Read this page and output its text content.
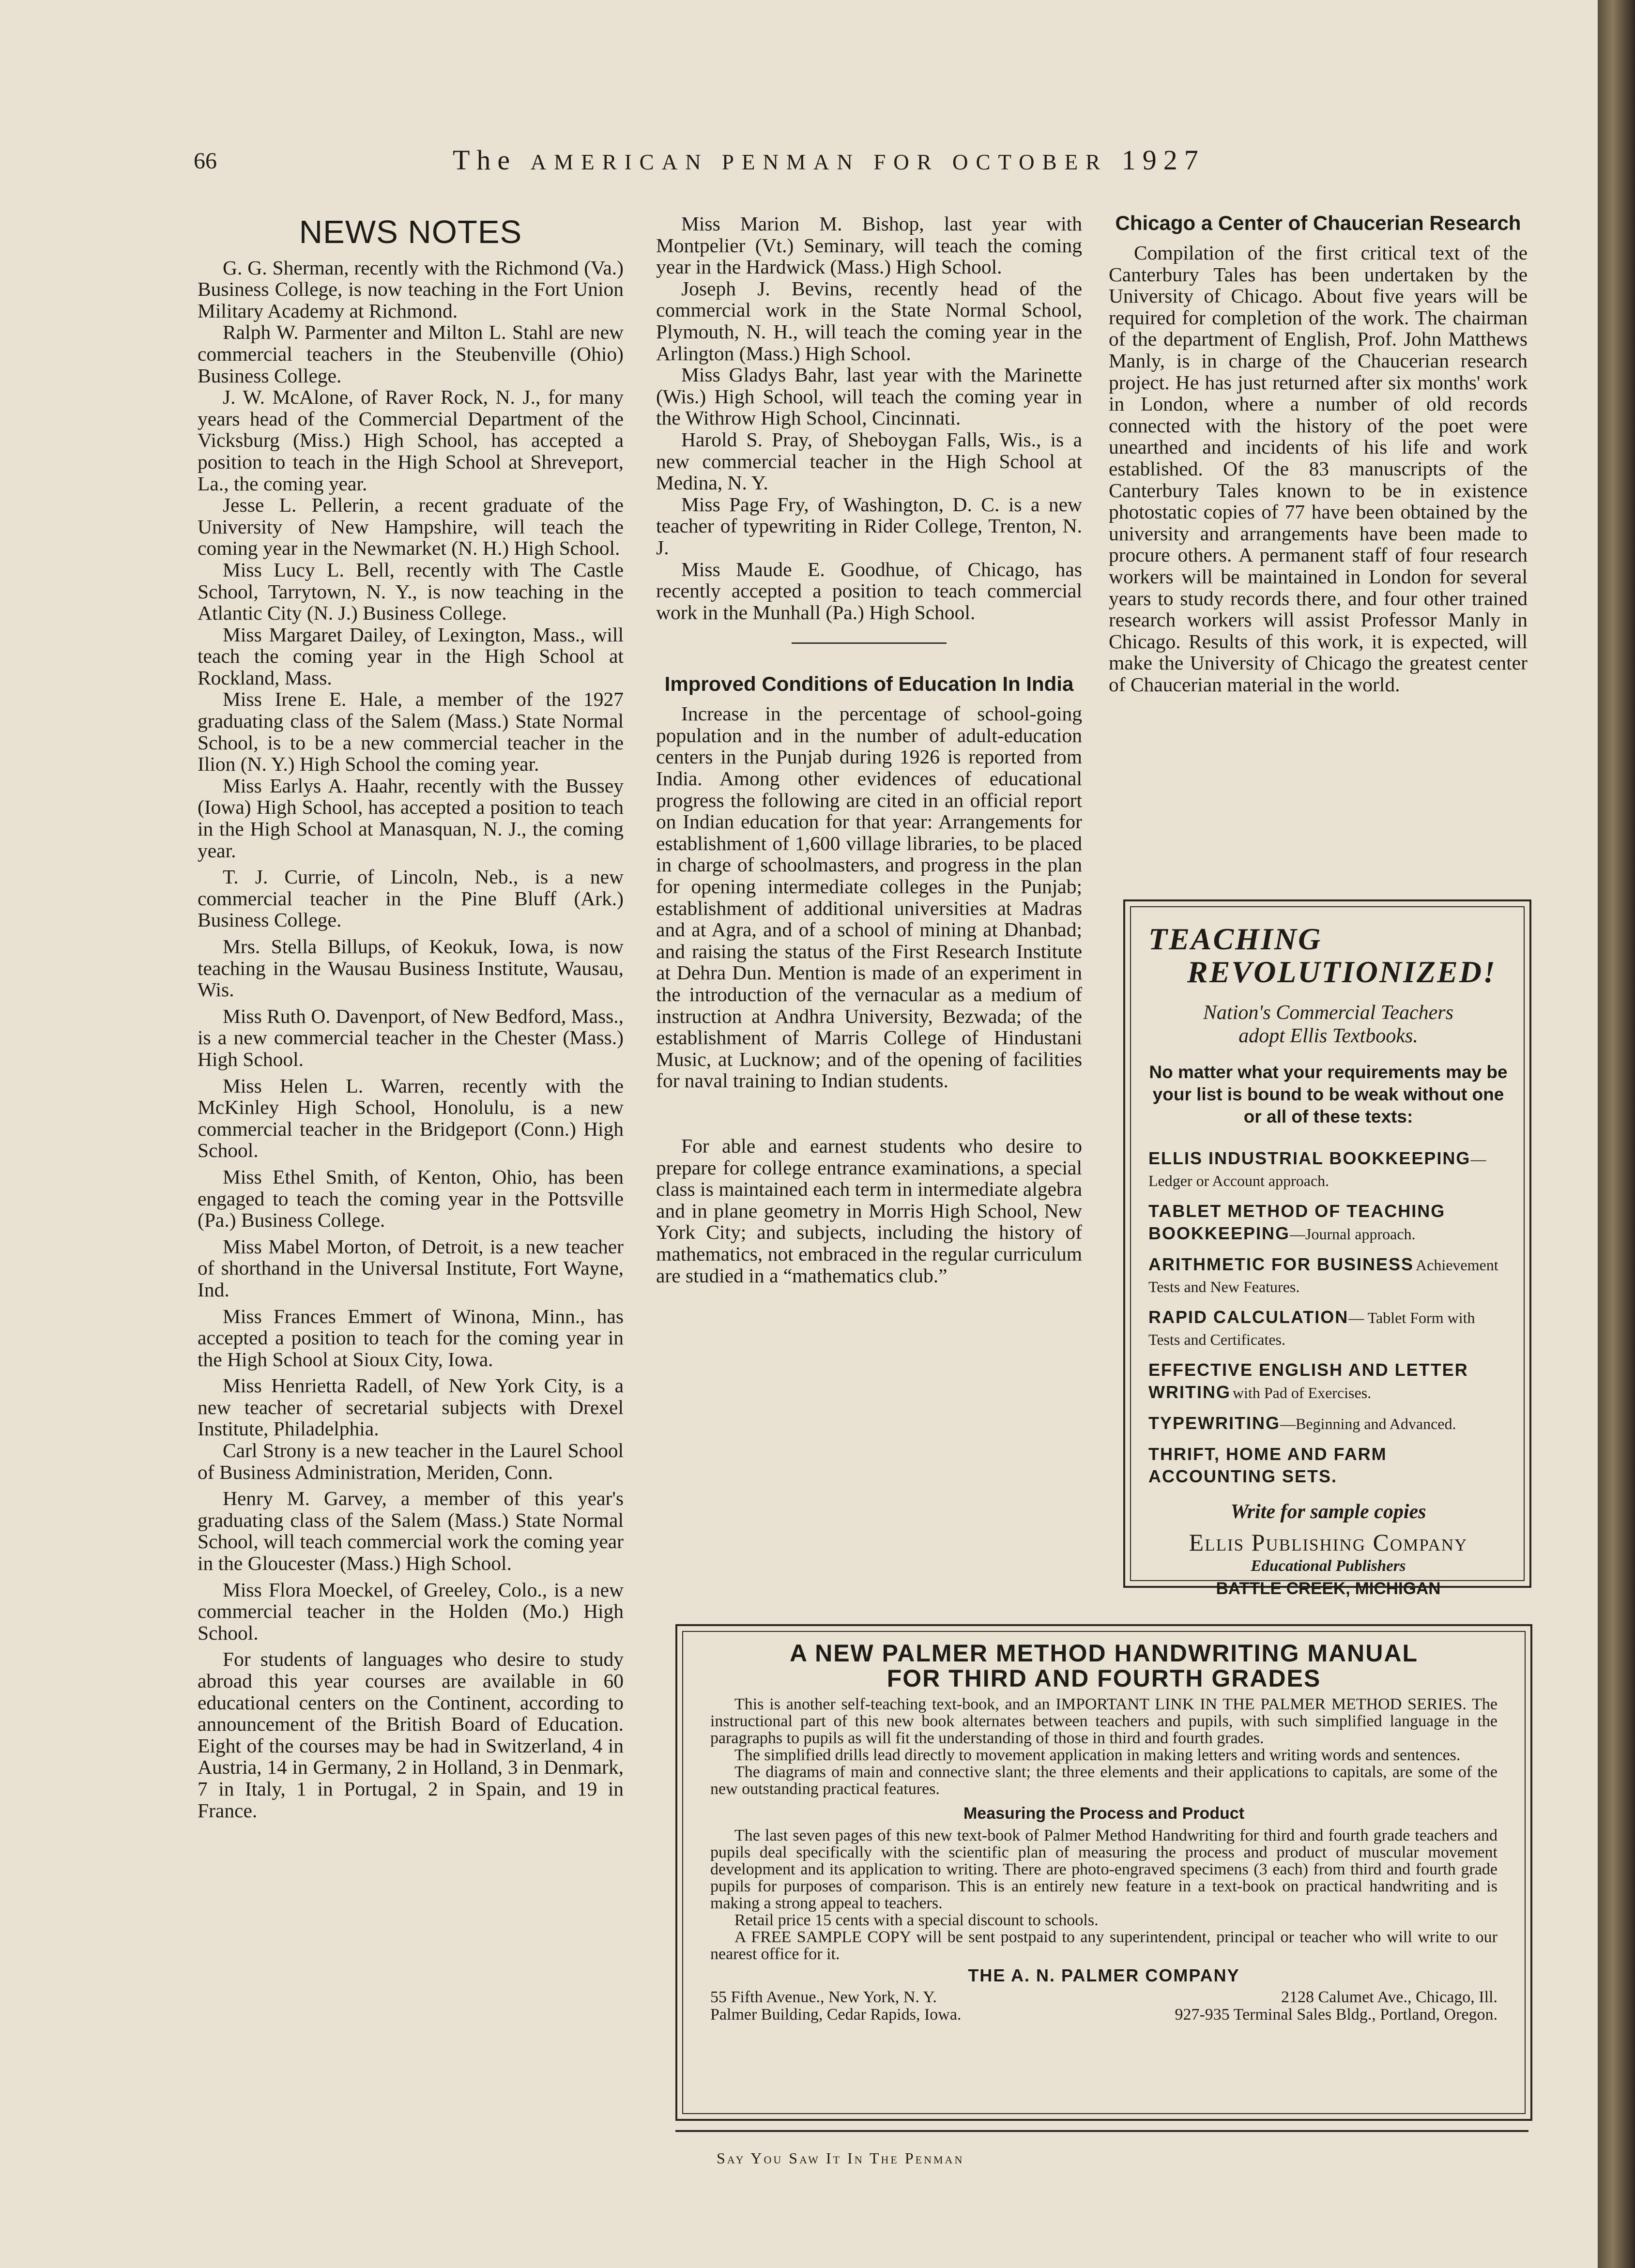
66	The AMERICAN PENMAN FOR OCTOBER 1927
NEWS NOTES

G. G. Sherman, recently with the Richmond (Va.) Business College, is now teaching in the Fort Union Military Academy at Richmond.

Ralph W. Parmenter and Milton L. Stahl are new commercial teachers in the Steubenville (Ohio) Business College.

J. W. McAlone, of Raver Rock, N. J., for many years head of the Commercial Department of the Vicksburg (Miss.) High School, has accepted a position to teach in the High School at Shreveport, La., the coming year.

Jesse L. Pellerin, a recent graduate of the University of New Hampshire, will teach the coming year in the Newmarket (N. H.) High School.

Miss Lucy L. Bell, recently with The Castle School, Tarrytown, N. Y., is now teaching in the Atlantic City (N. J.) Business College.

Miss Margaret Dailey, of Lexington, Mass., will teach the coming year in the High School at Rockland, Mass.

Miss Irene E. Hale, a member of the 1927 graduating class of the Salem (Mass.) State Normal School, is to be a new commercial teacher in the Ilion (N. Y.) High School the coming year.

Miss Earlys A. Haahr, recently with the Bussey (Iowa) High School, has accepted a position to teach in the High School at Manasquan, N. J., the coming year.

T. J. Currie, of Lincoln, Neb., is a new commercial teacher in the Pine Bluff (Ark.) Business College.

Mrs. Stella Billups, of Keokuk, Iowa, is now teaching in the Wausau Business Institute, Wausau, Wis.

Miss Ruth O. Davenport, of New Bedford, Mass., is a new commercial teacher in the Chester (Mass.) High School.

Miss Helen L. Warren, recently with the McKinley High School, Honolulu, is a new commercial teacher in the Bridgeport (Conn.) High School.

Miss Ethel Smith, of Kenton, Ohio, has been engaged to teach the coming year in the Pottsville (Pa.) Business College.

Miss Mabel Morton, of Detroit, is a new teacher of shorthand in the Universal Institute, Fort Wayne, Ind.

Miss Frances Emmert of Winona, Minn., has accepted a position to teach for the coming year in the High School at Sioux City, Iowa.

Miss Henrietta Radell, of New York City, is a new teacher of secretarial subjects with Drexel Institute, Philadelphia.

Carl Strony is a new teacher in the Laurel School of Business Administration, Meriden, Conn.

Henry M. Garvey, a member of this year's graduating class of the Salem (Mass.) State Normal School, will teach commercial work the coming year in the Gloucester (Mass.) High School.

Miss Flora Moeckel, of Greeley, Colo., is a new commercial teacher in the Holden (Mo.) High School.

For students of languages who desire to study abroad this year courses are available in 60 educational centers on the Continent, according to announcement of the British Board of Education. Eight of the courses may be had in Switzerland, 4 in Austria, 14 in Germany, 2 in Holland, 3 in Denmark, 7 in Italy, 1 in Portugal, 2 in Spain, and 19 in France.

Miss Marion M. Bishop, last year with Montpelier (Vt.) Seminary, will teach the coming year in the Hardwick (Mass.) High School.

Joseph J. Bevins, recently head of the commercial work in the State Normal School, Plymouth, N. H., will teach the coming year in the Arlington (Mass.) High School.

Miss Gladys Bahr, last year with the Marinette (Wis.) High School, will teach the coming year in the Withrow High School, Cincinnati.

Harold S. Pray, of Sheboygan Falls, Wis., is a new commercial teacher in the High School at Medina, N. Y.

Miss Page Fry, of Washington, D. C. is a new teacher of typewriting in Rider College, Trenton, N. J.

Miss Maude E. Goodhue, of Chicago, has recently accepted a position to teach commercial work in the Munhall (Pa.) High School.

Improved Conditions of Education In India

Increase in the percentage of school-going population and in the number of adult-education centers in the Punjab during 1926 is reported from India. Among other evidences of educational progress the following are cited in an official report on Indian education for that year: Arrangements for establishment of 1,600 village libraries, to be placed in charge of schoolmasters, and progress in the plan for opening intermediate colleges in the Punjab; establishment of additional universities at Madras and at Agra, and of a school of mining at Dhanbad; and raising the status of the First Research Institute at Dehra Dun. Mention is made of an experiment in the introduction of the vernacular as a medium of instruction at Andhra University, Bezwada; of the establishment of Marris College of Hindustani Music, at Lucknow; and of the opening of facilities for naval training to Indian students.

For able and earnest students who desire to prepare for college entrance examinations, a special class is maintained each term in intermediate algebra and in plane geometry in Morris High School, New York City; and subjects, including the history of mathematics, not embraced in the regular curriculum are studied in a “mathematics club.”

Chicago a Center of Chaucerian Research

Compilation of the first critical text of the Canterbury Tales has been undertaken by the University of Chicago. About five years will be required for completion of the work. The chairman of the department of English, Prof. John Matthews Manly, is in charge of the Chaucerian research project. He has just returned after six months' work in London, where a number of old records connected with the history of the poet were unearthed and incidents of his life and work established. Of the 83 manuscripts of the Canterbury Tales known to be in existence photostatic copies of 77 have been obtained by the university and arrangements have been made to procure others. A permanent staff of four research workers will be maintained in London for several years to study records there, and four other trained research workers will assist Professor Manly in Chicago. Results of this work, it is expected, will make the University of Chicago the greatest center of Chaucerian material in the world.

TEACHING
REVOLUTIONIZED!
Nation's Commercial Teachers
adopt Ellis Textbooks.
No matter what your requirements may be your list is bound to be weak without one or all of these texts:
ELLIS INDUSTRIAL BOOKKEEPING—Ledger or Account approach.
TABLET METHOD OF TEACHING BOOKKEEPING—Journal approach.
ARITHMETIC FOR BUSINESS Achievement Tests and New Features.
RAPID CALCULATION— Tablet Form with Tests and Certificates.
EFFECTIVE ENGLISH AND LETTER WRITING with Pad of Exercises.
TYPEWRITING—Beginning and Advanced.
THRIFT, HOME AND FARM ACCOUNTING SETS.
Write for sample copies
Ellis Publishing Company
Educational Publishers
BATTLE CREEK, MICHIGAN
A NEW PALMER METHOD HANDWRITING MANUAL
FOR THIRD AND FOURTH GRADES

This is another self-teaching text-book, and an IMPORTANT LINK IN THE PALMER METHOD SERIES. The instructional part of this new book alternates between teachers and pupils, with such simplified language in the paragraphs to pupils as will fit the understanding of those in third and fourth grades.

The simplified drills lead directly to movement application in making letters and writing words and sentences.

The diagrams of main and connective slant; the three elements and their applications to capitals, are some of the new outstanding practical features.

Measuring the Process and Product

The last seven pages of this new text-book of Palmer Method Handwriting for third and fourth grade teachers and pupils deal specifically with the scientific plan of measuring the process and product of muscular movement development and its application to writing. There are photo-engraved specimens (3 each) from third and fourth grade pupils for purposes of comparison. This is an entirely new feature in a text-book on practical handwriting and is making a strong appeal to teachers.

Retail price 15 cents with a special discount to schools.

A FREE SAMPLE COPY will be sent postpaid to any superintendent, principal or teacher who will write to our nearest office for it.

THE A. N. PALMER COMPANY
55 Fifth Avenue., New York, N. Y.
Palmer Building, Cedar Rapids, Iowa.
2128 Calumet Ave., Chicago, Ill.
927-935 Terminal Sales Bldg., Portland, Oregon.
Say You Saw It In The Penman
